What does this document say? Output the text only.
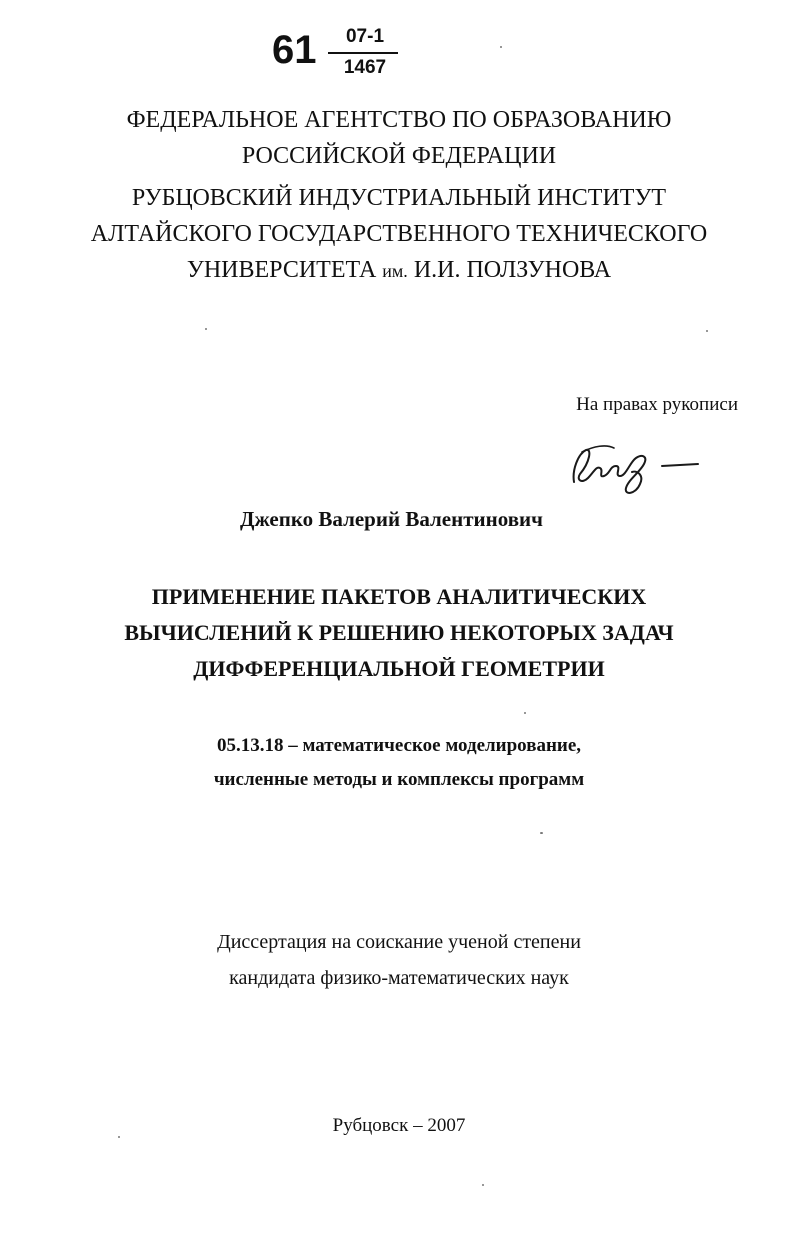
61	07-1
1467
ФЕДЕРАЛЬНОЕ АГЕНТСТВО ПО ОБРАЗОВАНИЮ
РОССИЙСКОЙ ФЕДЕРАЦИИ
РУБЦОВСКИЙ ИНДУСТРИАЛЬНЫЙ ИНСТИТУТ
АЛТАЙСКОГО ГОСУДАРСТВЕННОГО ТЕХНИЧЕСКОГО
УНИВЕРСИТЕТА им. И.И. ПОЛЗУНОВА
На правах рукописи
Джепко Валерий Валентинович
ПРИМЕНЕНИЕ ПАКЕТОВ АНАЛИТИЧЕСКИХ
ВЫЧИСЛЕНИЙ К РЕШЕНИЮ НЕКОТОРЫХ ЗАДАЧ
ДИФФЕРЕНЦИАЛЬНОЙ ГЕОМЕТРИИ
05.13.18 – математическое моделирование,
численные методы и комплексы программ
Диссертация на соискание ученой степени
кандидата физико-математических наук
Рубцовск – 2007
